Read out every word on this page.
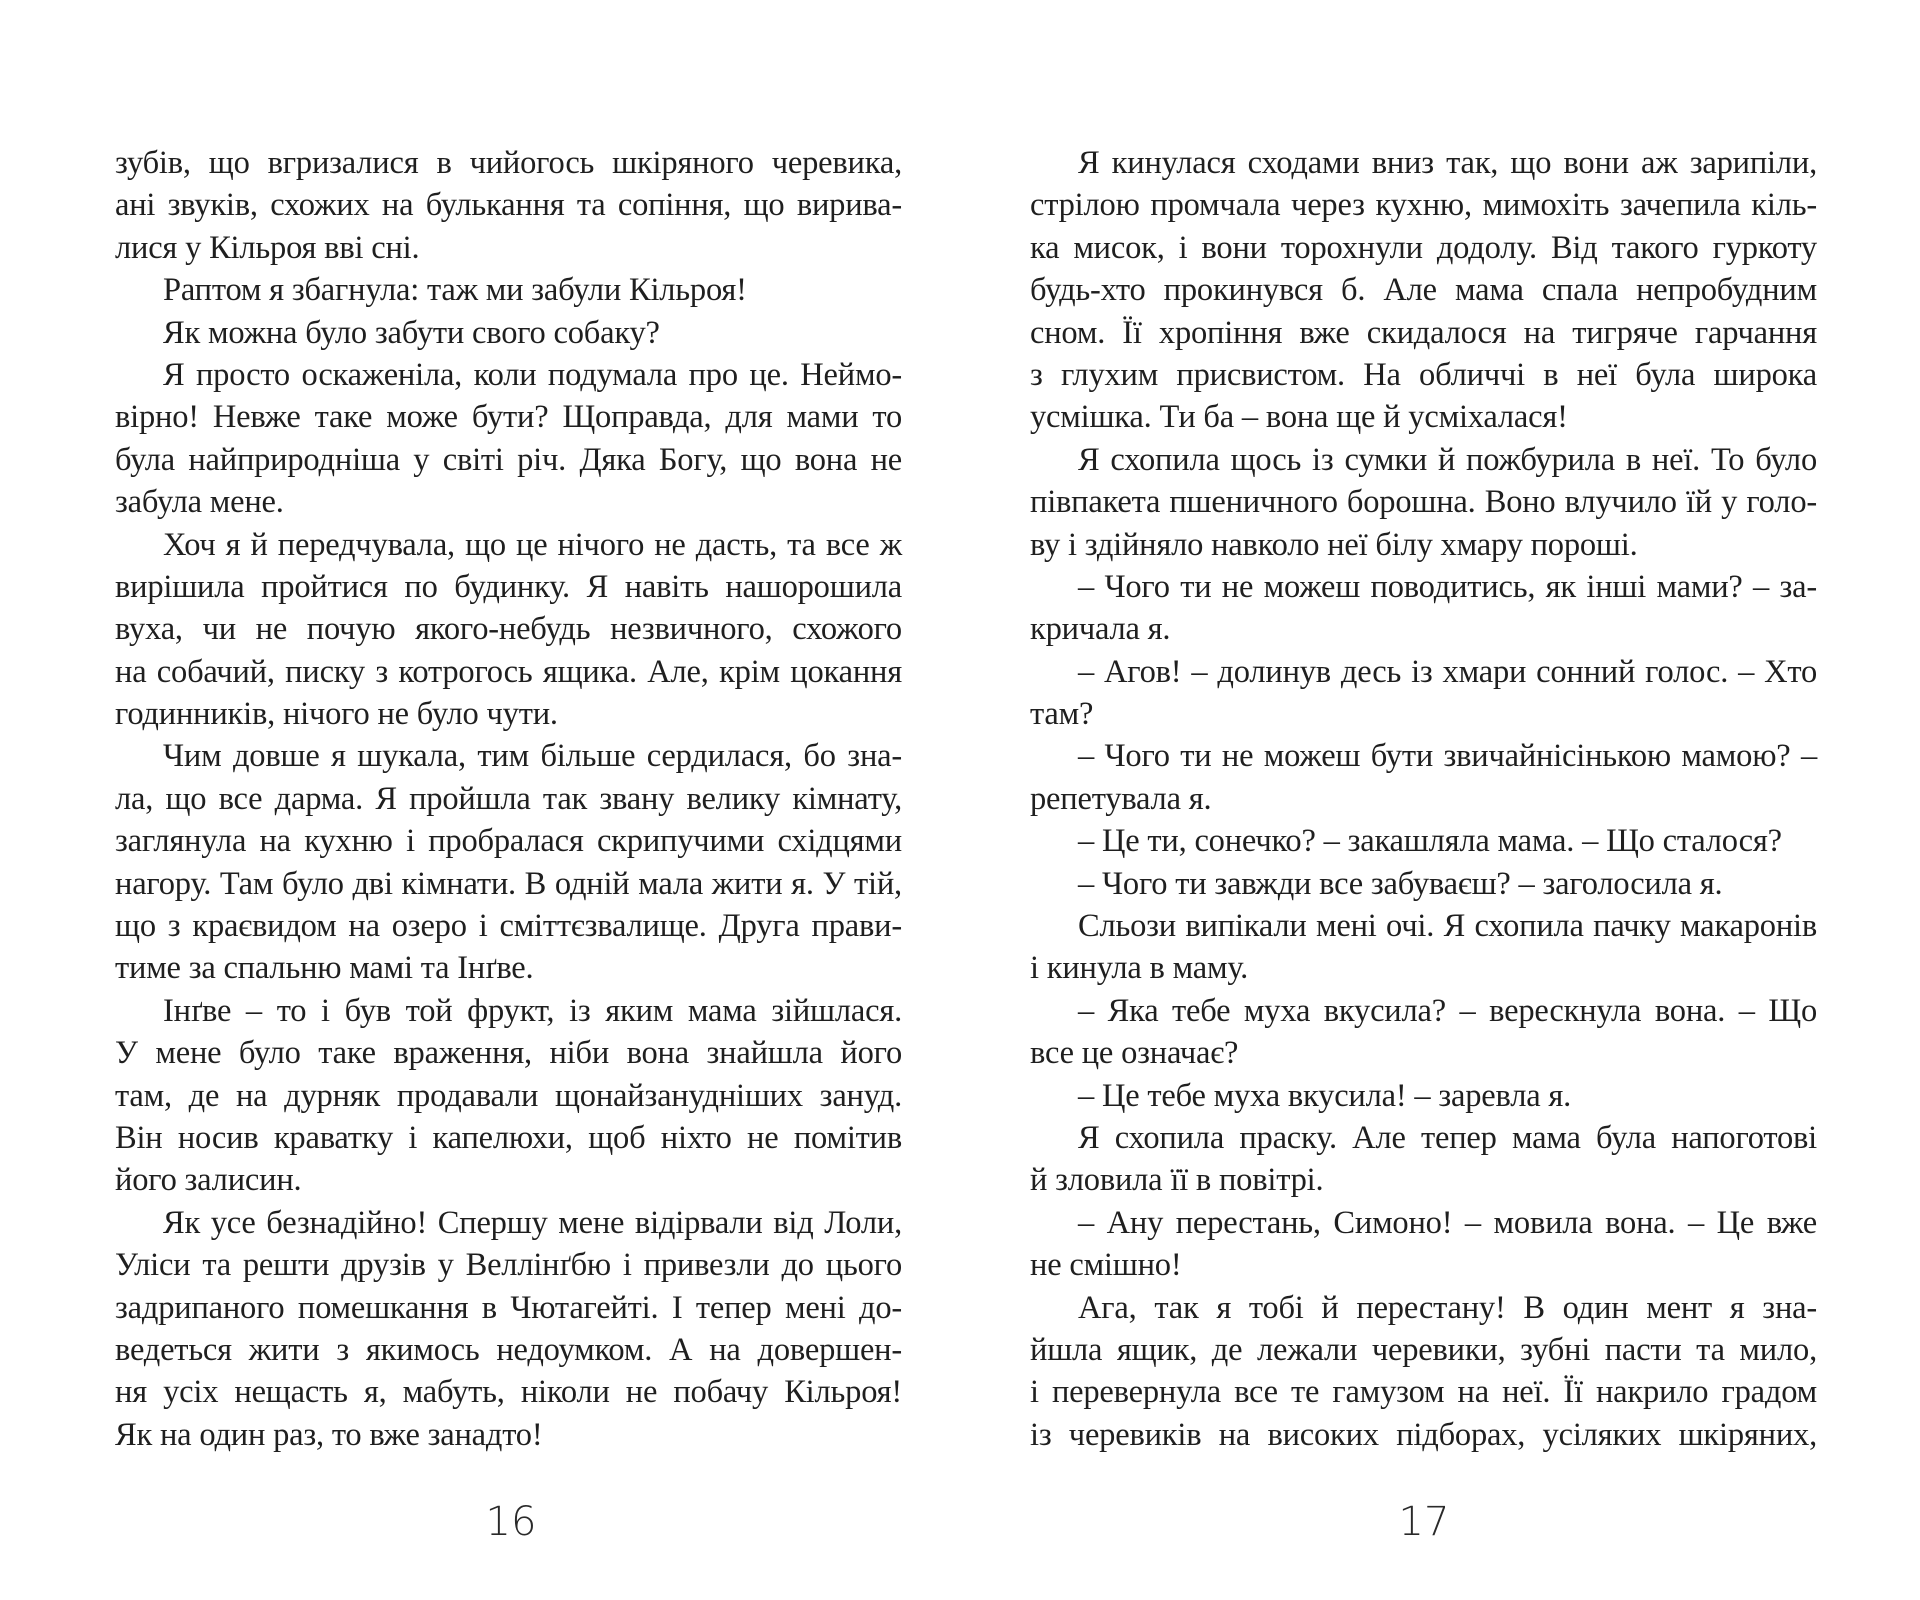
зубів, що вгризалися в чийогось шкіряного черевика,
ані звуків, схожих на булькання та сопіння, що вирива-
лися у Кільроя вві сні.
Раптом я збагнула: таж ми забули Кільроя!
Як можна було забути свого собаку?
Я просто оскаженіла, коли подумала про це. Неймо-
вірно! Невже таке може бути? Щоправда, для мами то
була найприродніша у світі річ. Дяка Богу, що вона не
забула мене.
Хоч я й передчувала, що це нічого не дасть, та все ж
вирішила пройтися по будинку. Я навіть нашорошила
вуха, чи не почую якого-небудь незвичного, схожого
на собачий, писку з котрогось ящика. Але, крім цокання
годинників, нічого не було чути.
Чим довше я шукала, тим більше сердилася, бо зна-
ла, що все дарма. Я пройшла так звану велику кімнату,
заглянула на кухню і пробралася скрипучими східцями
нагору. Там було дві кімнати. В одній мала жити я. У тій,
що з краєвидом на озеро і сміттєзвалище. Друга прави-
тиме за спальню мамі та Інґве.
Інґве – то і був той фрукт, із яким мама зійшлася.
У мене було таке враження, ніби вона знайшла його
там, де на дурняк продавали щонайзануднiших зануд.
Він носив краватку і капелюхи, щоб ніхто не помітив
його залисин.
Як усе безнадійно! Спершу мене відірвали від Лоли,
Уліси та решти друзів у Веллінґбю і привезли до цього
задрипаного помешкання в Чютагейті. І тепер мені до-
ведеться жити з якимось недоумком. А на довершен-
ня усіх нещасть я, мабуть, ніколи не побачу Кільроя!
Як на один раз, то вже занадто!
16
Я кинулася сходами вниз так, що вони аж зарипіли,
стрілою промчала через кухню, мимохіть зачепила кіль-
ка мисок, і вони торохнули додолу. Від такого гуркоту
будь-хто прокинувся б. Але мама спала непробудним
сном. Її хропіння вже скидалося на тигряче гарчання
з глухим присвистом. На обличчі в неї була широка
усмішка. Ти ба – вона ще й усміхалася!
Я схопила щось із сумки й пожбурила в неї. То було
півпакета пшеничного борошна. Воно влучило їй у голо-
ву і здійняло навколо неї білу хмару пороші.
– Чого ти не можеш поводитись, як інші мами? – за-
кричала я.
– Агов! – долинув десь із хмари сонний голос. – Хто
там?
– Чого ти не можеш бути звичайнісінькою мамою? –
репетувала я.
– Це ти, сонечко? – закашляла мама. – Що сталося?
– Чого ти завжди все забуваєш? – заголосила я.
Сльози випікали мені очі. Я схопила пачку макаронів
і кинула в маму.
– Яка тебе муха вкусила? – верескнула вона. – Що
все це означає?
– Це тебе муха вкусила! – заревла я.
Я схопила праску. Але тепер мама була напоготові
й зловила її в повітрі.
– Ану перестань, Симоно! – мовила вона. – Це вже
не смішно!
Ага, так я тобі й перестану! В один мент я зна-
йшла ящик, де лежали черевики, зубні пасти та мило,
і перевернула все те гамузом на неї. Її накрило градом
із черевиків на високих підборах, усіляких шкіряних,
17
